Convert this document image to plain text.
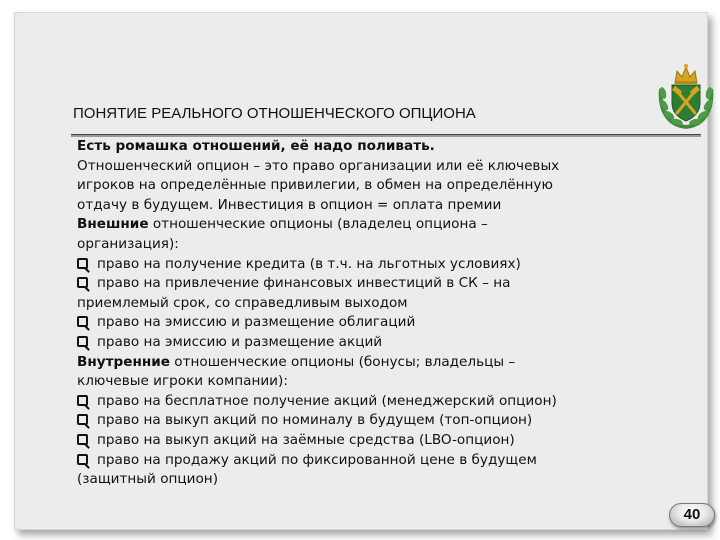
ПОНЯТИЕ РЕАЛЬНОГО ОТНОШЕНЧЕСКОГО ОПЦИОНА
Есть ромашка отношений, её надо поливать.
Отношенческий опцион – это право организации или её ключевых
игроков на определённые привилегии, в обмен на определённую
отдачу в будущем. Инвестиция в опцион = оплата премии
Внешние отношенческие опционы (владелец опциона –
организация):
право на получение кредита (в т.ч. на льготных условиях)
право на привлечение финансовых инвестиций в СК – на
приемлемый срок, со справедливым выходом
право на эмиссию и размещение облигаций
право на эмиссию и размещение акций
Внутренние отношенческие опционы (бонусы; владельцы –
ключевые игроки компании):
право на бесплатное получение акций (менеджерский опцион)
право на выкуп акций по номиналу в будущем (топ-опцион)
право на выкуп акций на заёмные средства (LBO-опцион)
право на продажу акций по фиксированной цене в будущем
(защитный опцион)
40
